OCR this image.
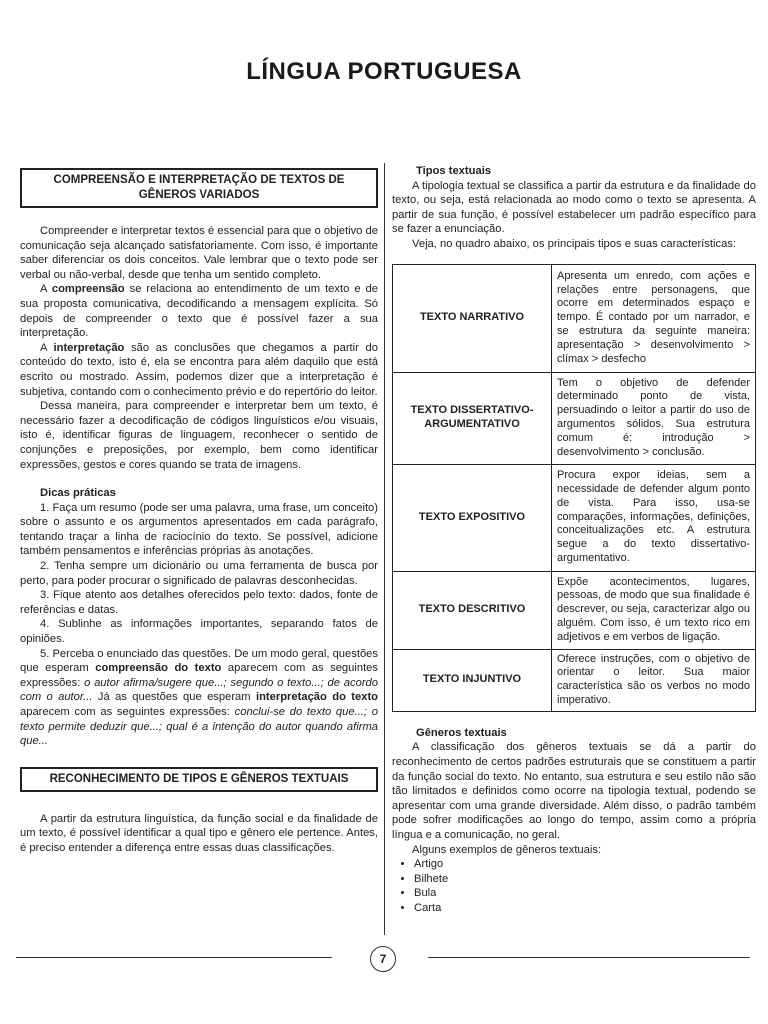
LÍNGUA PORTUGUESA
COMPREENSÃO E INTERPRETAÇÃO DE TEXTOS DE GÊNEROS VARIADOS

Compreender e interpretar textos é essencial para que o objetivo de comunicação seja alcançado satisfatoriamente. Com isso, é importante saber diferenciar os dois conceitos. Vale lembrar que o texto pode ser verbal ou não-verbal, desde que tenha um sentido completo.

A compreensão se relaciona ao entendimento de um texto e de sua proposta comunicativa, decodificando a mensagem explícita. Só depois de compreender o texto que é possível fazer a sua interpretação.

A interpretação são as conclusões que chegamos a partir do conteúdo do texto, isto é, ela se encontra para além daquilo que está escrito ou mostrado. Assim, podemos dizer que a interpretação é subjetiva, contando com o conhecimento prévio e do repertório do leitor.

Dessa maneira, para compreender e interpretar bem um texto, é necessário fazer a decodificação de códigos linguísticos e/ou visuais, isto é, identificar figuras de linguagem, reconhecer o sentido de conjunções e preposições, por exemplo, bem como identificar expressões, gestos e cores quando se trata de imagens.

Dicas práticas

1. Faça um resumo (pode ser uma palavra, uma frase, um conceito) sobre o assunto e os argumentos apresentados em cada parágrafo, tentando traçar a linha de raciocínio do texto. Se possível, adicione também pensamentos e inferências próprias às anotações.

2. Tenha sempre um dicionário ou uma ferramenta de busca por perto, para poder procurar o significado de palavras desconhecidas.

3. Fique atento aos detalhes oferecidos pelo texto: dados, fonte de referências e datas.

4. Sublinhe as informações importantes, separando fatos de opiniões.

5. Perceba o enunciado das questões. De um modo geral, questões que esperam compreensão do texto aparecem com as seguintes expressões: o autor afirma/sugere que...; segundo o texto...; de acordo com o autor... Já as questões que esperam interpretação do texto aparecem com as seguintes expressões: conclui-se do texto que...; o texto permite deduzir que...; qual é a intenção do autor quando afirma que...

RECONHECIMENTO DE TIPOS E GÊNEROS TEXTUAIS

A partir da estrutura linguística, da função social e da finalidade de um texto, é possível identificar a qual tipo e gênero ele pertence. Antes, é preciso entender a diferença entre essas duas classificações.

Tipos textuais

A tipologia textual se classifica a partir da estrutura e da finalidade do texto, ou seja, está relacionada ao modo como o texto se apresenta. A partir de sua função, é possível estabelecer um padrão específico para se fazer a enunciação.

Veja, no quadro abaixo, os principais tipos e suas características:

TEXTO NARRATIVO	Apresenta um enredo, com ações e relações entre personagens, que ocorre em determinados espaço e tempo. É contado por um narrador, e se estrutura da seguinte maneira: apresentação > desenvolvimento > clímax > desfecho
TEXTO DISSERTATIVO-ARGUMENTATIVO	Tem o objetivo de defender determinado ponto de vista, persuadindo o leitor a partir do uso de argumentos sólidos. Sua estrutura comum é: introdução > desenvolvimento > conclusão.
TEXTO EXPOSITIVO	Procura expor ideias, sem a necessidade de defender algum ponto de vista. Para isso, usa-se comparações, informações, definições, conceitualizações etc. A estrutura segue a do texto dissertativo-argumentativo.
TEXTO DESCRITIVO	Expõe acontecimentos, lugares, pessoas, de modo que sua finalidade é descrever, ou seja, caracterizar algo ou alguém. Com isso, é um texto rico em adjetivos e em verbos de ligação.
TEXTO INJUNTIVO	Oferece instruções, com o objetivo de orientar o leitor. Sua maior característica são os verbos no modo imperativo.
Gêneros textuais

A classificação dos gêneros textuais se dá a partir do reconhecimento de certos padrões estruturais que se constituem a partir da função social do texto. No entanto, sua estrutura e seu estilo não são tão limitados e definidos como ocorre na tipologia textual, podendo se apresentar com uma grande diversidade. Além disso, o padrão também pode sofrer modificações ao longo do tempo, assim como a própria língua e a comunicação, no geral.

Alguns exemplos de gêneros textuais:

• Artigo
• Bilhete
• Bula
• Carta
7
